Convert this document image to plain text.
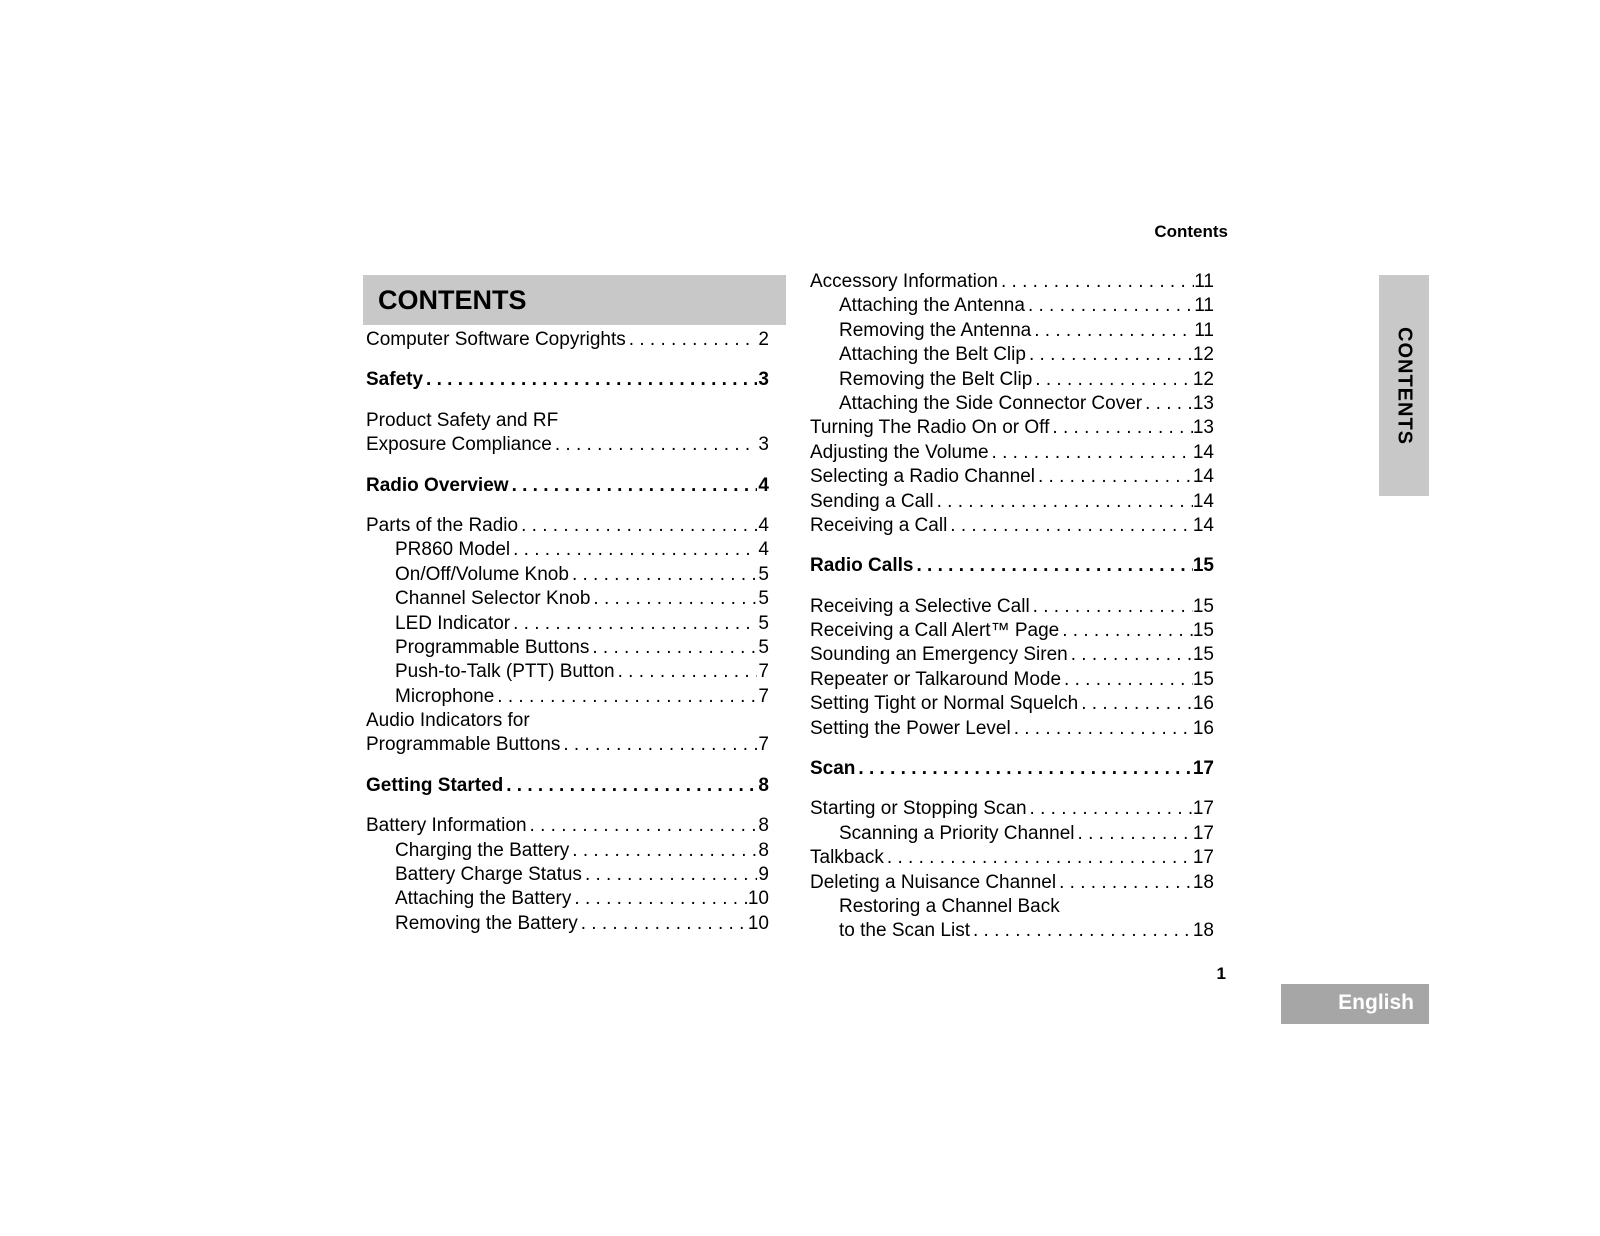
Contents
CONTENTS
Computer Software Copyrights . . .	2
Safety . . .	3
Product Safety and RF
Exposure Compliance . . .	3
Radio Overview . . .	4
Parts of the Radio . . .	4
PR860 Model . . .	4
On/Off/Volume Knob . . .	5
Channel Selector Knob . . .	5
LED Indicator . . .	5
Programmable Buttons . . .	5
Push-to-Talk (PTT) Button . . .	7
Microphone . . .	7
Audio Indicators for
Programmable Buttons . . .	7
Getting Started . . .	8
Battery Information . . .	8
Charging the Battery . . .	8
Battery Charge Status . . .	9
Attaching the Battery . . .	10
Removing the Battery . . .	10
Accessory Information . . .	11
Attaching the Antenna . . .	11
Removing the Antenna . . .	11
Attaching the Belt Clip . . .	12
Removing the Belt Clip . . .	12
Attaching the Side Connector Cover . . .	13
Turning The Radio On or Off . . .	13
Adjusting the Volume . . .	14
Selecting a Radio Channel . . .	14
Sending a Call . . .	14
Receiving a Call . . .	14
Radio Calls . . .	15
Receiving a Selective Call . . .	15
Receiving a Call Alert™ Page . . .	15
Sounding an Emergency Siren . . .	15
Repeater or Talkaround Mode . . .	15
Setting Tight or Normal Squelch . . .	16
Setting the Power Level . . .	16
Scan . . .	17
Starting or Stopping Scan . . .	17
Scanning a Priority Channel . . .	17
Talkback . . .	17
Deleting a Nuisance Channel . . .	18
Restoring a Channel Back
to the Scan List . . .	18
CONTENTS
1
English
